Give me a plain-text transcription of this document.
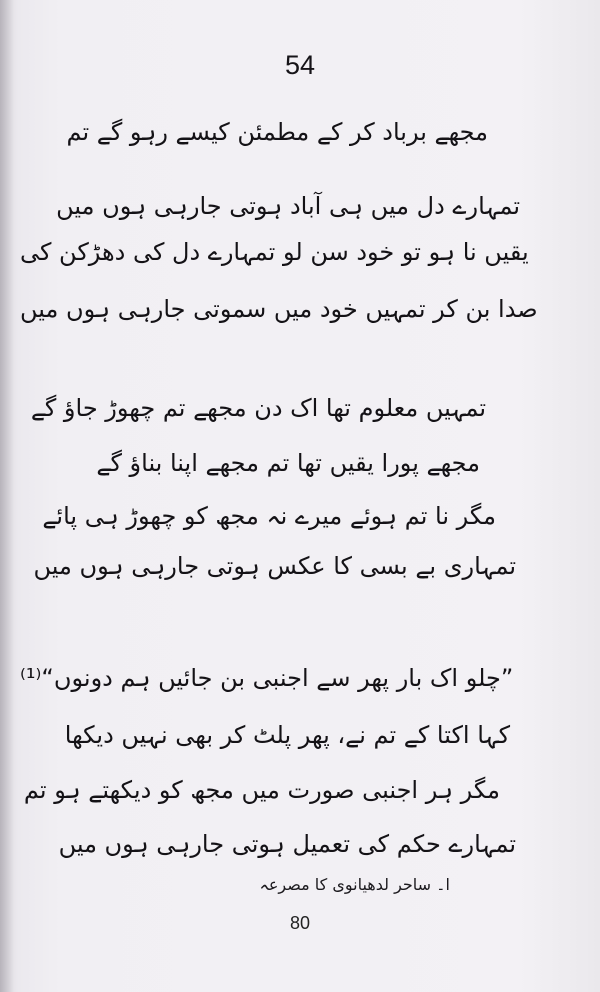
54
مجھے برباد کر کے مطمئن کیسے رہو گے تم
تمہارے دل میں ہی آباد ہوتی جارہی ہوں میں
یقیں نا ہو تو خود سن لو تمہارے دل کی دھڑکن کی
صدا بن کر تمہیں خود میں سموتی جارہی ہوں میں
تمہیں معلوم تھا اک دن مجھے تم چھوڑ جاؤ گے
مجھے پورا یقیں تھا تم مجھے اپنا بناؤ گے
مگر نا تم ہوئے میرے نہ مجھ کو چھوڑ ہی پائے
تمہاری بے بسی کا عکس ہوتی جارہی ہوں میں
”چلو اک بار پھر سے اجنبی بن جائیں ہم دونوں“⁽¹⁾
کہا اکتا کے تم نے، پھر پلٹ کر بھی نہیں دیکھا
مگر ہر اجنبی صورت میں مجھ کو دیکھتے ہو تم
تمہارے حکم کی تعمیل ہوتی جارہی ہوں میں
ا۔ ساحر لدھیانوی کا مصرعہ
80
